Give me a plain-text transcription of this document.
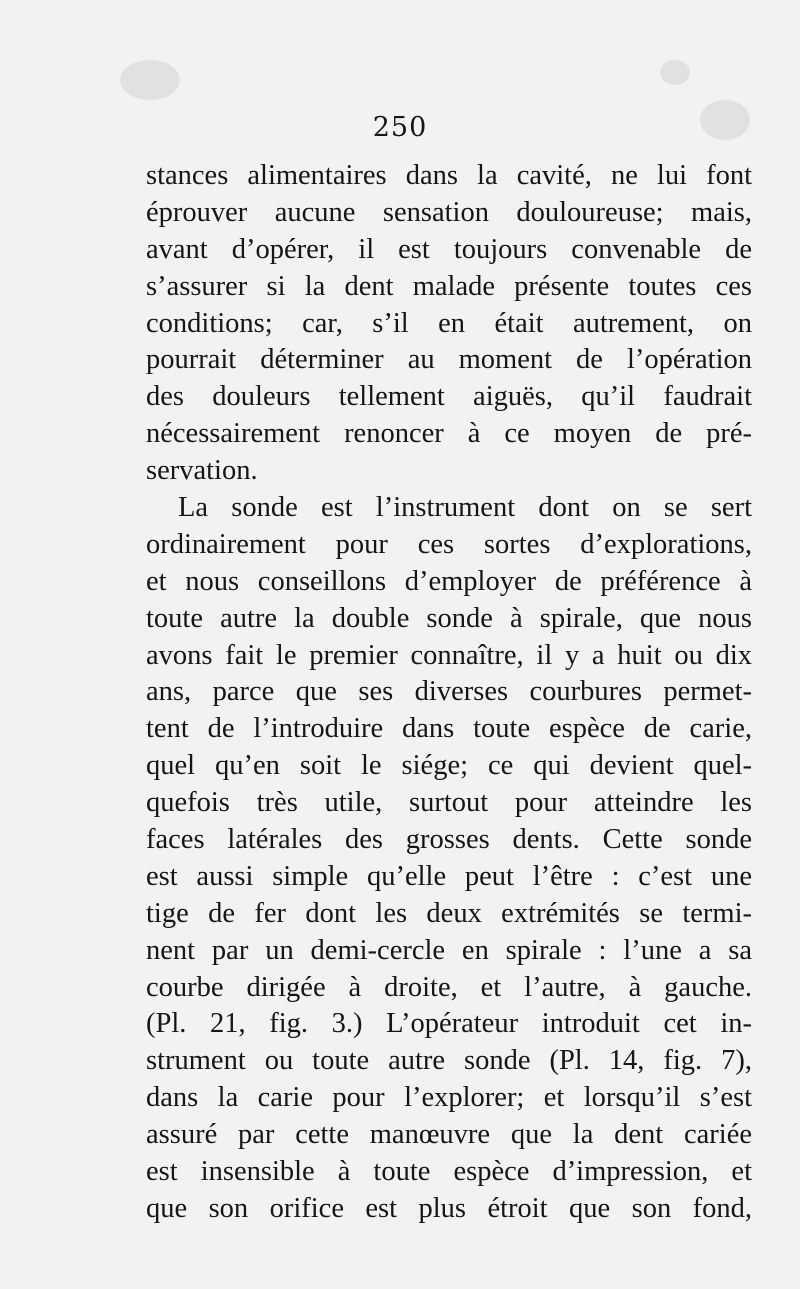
250
stances alimentaires dans la cavité, ne lui font
éprouver aucune sensation douloureuse; mais,
avant d’opérer, il est toujours convenable de
s’assurer si la dent malade présente toutes ces
conditions; car, s’il en était autrement, on
pourrait déterminer au moment de l’opération
des douleurs tellement aiguës, qu’il faudrait
nécessairement renoncer à ce moyen de pré-
servation.
La sonde est l’instrument dont on se sert
ordinairement pour ces sortes d’explorations,
et nous conseillons d’employer de préférence à
toute autre la double sonde à spirale, que nous
avons fait le premier connaître, il y a huit ou dix
ans, parce que ses diverses courbures permet-
tent de l’introduire dans toute espèce de carie,
quel qu’en soit le siége; ce qui devient quel-
quefois très utile, surtout pour atteindre les
faces latérales des grosses dents. Cette sonde
est aussi simple qu’elle peut l’être : c’est une
tige de fer dont les deux extrémités se termi-
nent par un demi-cercle en spirale : l’une a sa
courbe dirigée à droite, et l’autre, à gauche.
(Pl. 21, fig. 3.) L’opérateur introduit cet in-
strument ou toute autre sonde (Pl. 14, fig. 7),
dans la carie pour l’explorer; et lorsqu’il s’est
assuré par cette manœuvre que la dent cariée
est insensible à toute espèce d’impression, et
que son orifice est plus étroit que son fond,
